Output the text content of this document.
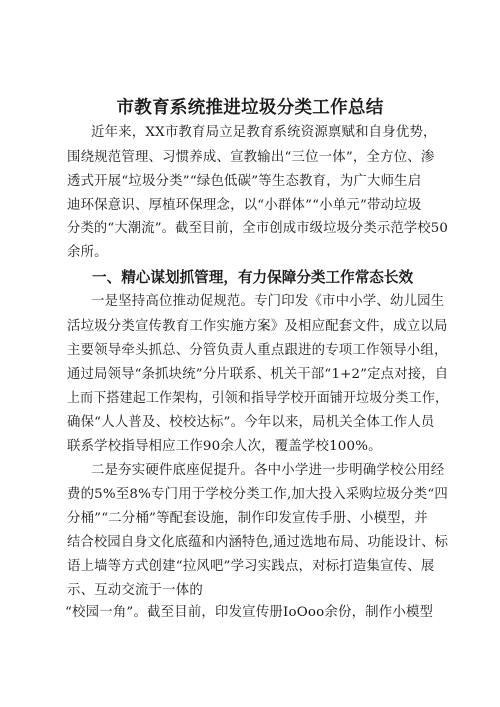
市教育系统推进垃圾分类工作总结

近年来，XX市教育局立足教育系统资源禀赋和自身优势，

围绕规范管理、习惯养成、宣教输出“三位一体”，全方位、渗

透式开展“垃圾分类”“绿色低碳”等生态教育，为广大师生启

迪环保意识、厚植环保理念，以“小群体”“小单元”带动垃圾

分类的“大潮流”。截至目前，全市创成市级垃圾分类示范学校50

余所。

一、精心谋划抓管理，有力保障分类工作常态长效

一是坚持高位推动促规范。专门印发《市中小学、幼儿园生

活垃圾分类宣传教育工作实施方案》及相应配套文件，成立以局

主要领导牵头抓总、分管负责人重点跟进的专项工作领导小组，

通过局领导“条抓块统”分片联系、机关干部“1+2”定点对接，自

上而下搭建起工作架构，引领和指导学校开面铺开垃圾分类工作，

确保“人人普及、校校达标”。今年以来，局机关全体工作人员

联系学校指导相应工作90余人次，覆盖学校100%。

二是夯实硬件底座促提升。各中小学进一步明确学校公用经

费的5%至8%专门用于学校分类工作,加大投入采购垃圾分类“四

分桶”“二分桶”等配套设施，制作印发宣传手册、小模型，并

结合校园自身文化底蕴和内涵特色,通过选地布局、功能设计、标

语上墙等方式创建“拉风吧”学习实践点，对标打造集宣传、展

示、互动交流于一体的

“校园一角”。截至目前，印发宣传册IoOoo余份，制作小模型
